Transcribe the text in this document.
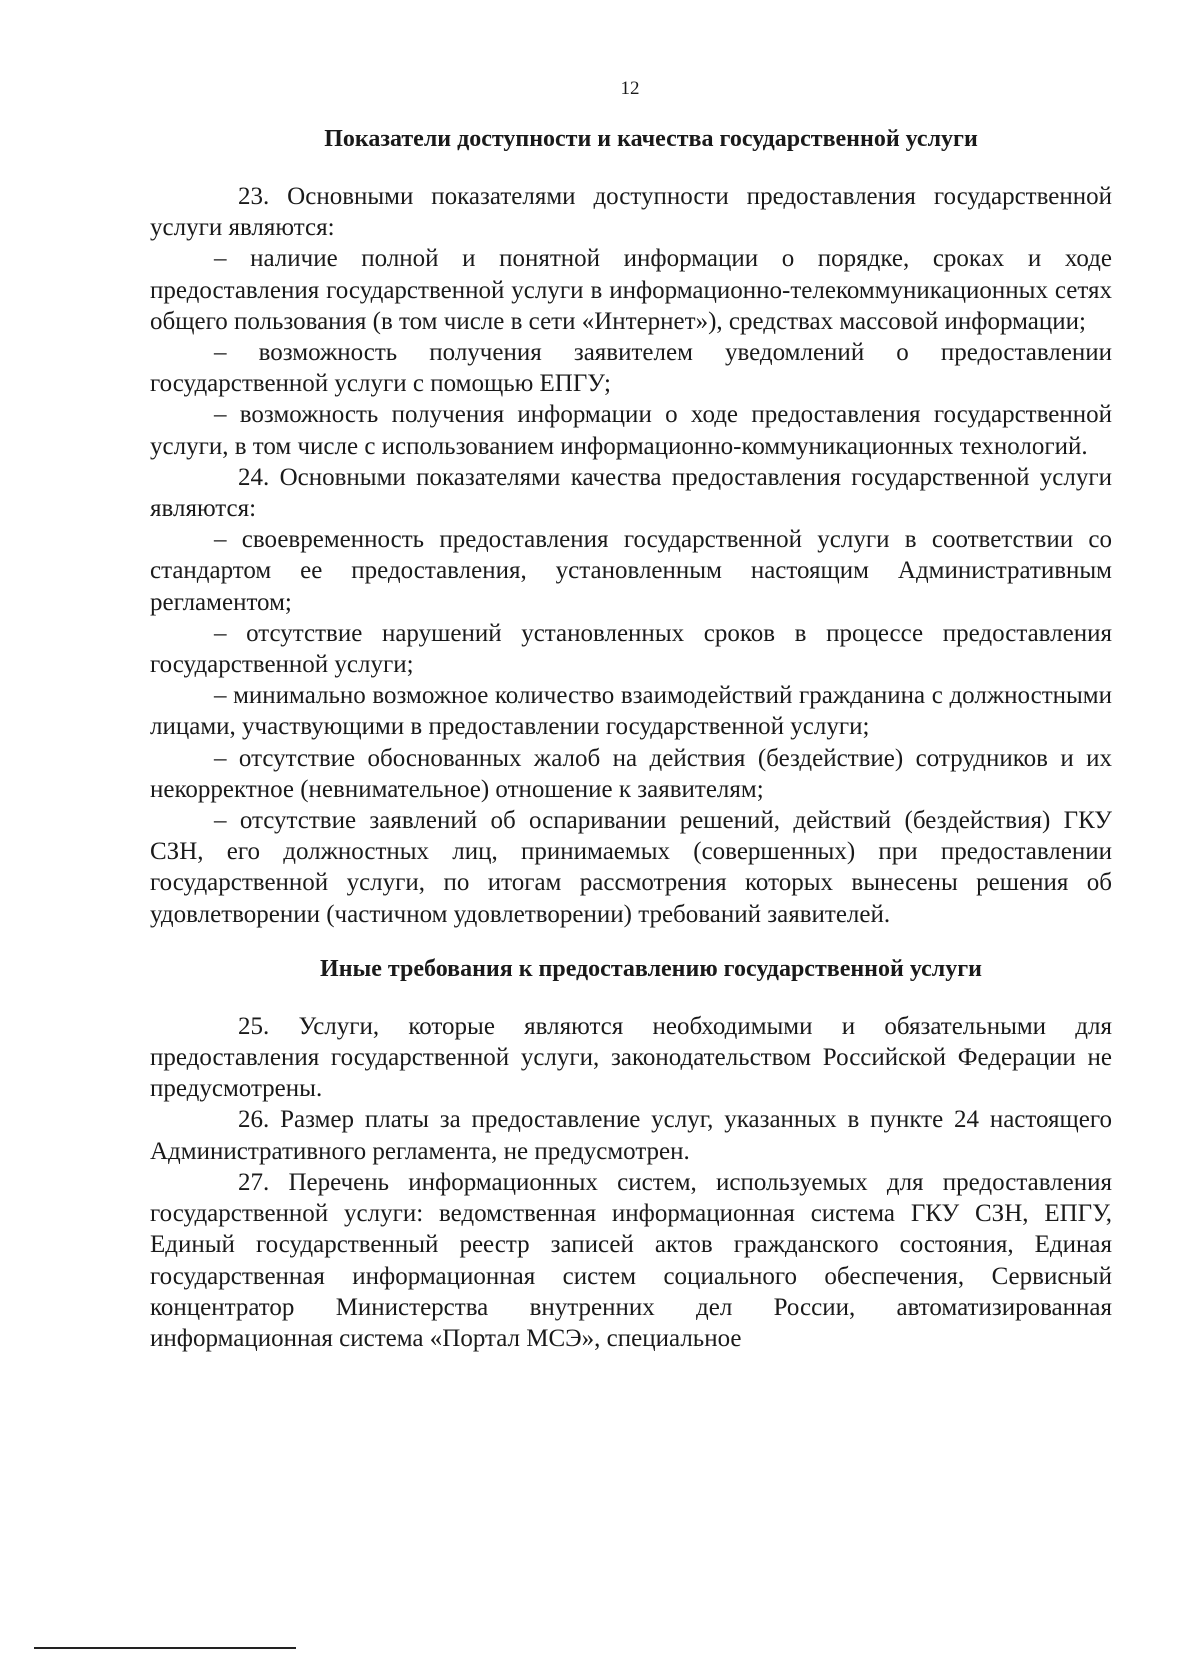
12
Показатели доступности и качества государственной услуги

23. Основными показателями доступности предоставления государственной услуги являются:

– наличие полной и понятной информации о порядке, сроках и ходе предоставления государственной услуги в информационно-телекоммуникационных сетях общего пользования (в том числе в сети «Интернет»), средствах массовой информации;

– возможность получения заявителем уведомлений о предоставлении государственной услуги с помощью ЕПГУ;

– возможность получения информации о ходе предоставления государственной услуги, в том числе с использованием информационно-коммуникационных технологий.

24. Основными показателями качества предоставления государственной услуги являются:

– своевременность предоставления государственной услуги в соответствии со стандартом ее предоставления, установленным настоящим Административным регламентом;

– отсутствие нарушений установленных сроков в процессе предоставления государственной услуги;

– минимально возможное количество взаимодействий гражданина с должностными лицами, участвующими в предоставлении государственной услуги;

– отсутствие обоснованных жалоб на действия (бездействие) сотрудников и их некорректное (невнимательное) отношение к заявителям;

– отсутствие заявлений об оспаривании решений, действий (бездействия) ГКУ СЗН, его должностных лиц, принимаемых (совершенных) при предоставлении государственной услуги, по итогам рассмотрения которых вынесены решения об удовлетворении (частичном удовлетворении) требований заявителей.

Иные требования к предоставлению государственной услуги

25. Услуги, которые являются необходимыми и обязательными для предоставления государственной услуги, законодательством Российской Федерации не предусмотрены.

26. Размер платы за предоставление услуг, указанных в пункте 24 настоящего Административного регламента, не предусмотрен.

27. Перечень информационных систем, используемых для предоставления государственной услуги: ведомственная информационная система ГКУ СЗН, ЕПГУ, Единый государственный реестр записей актов гражданского состояния, Единая государственная информационная систем социального обеспечения, Сервисный концентратор Министерства внутренних дел России, автоматизированная информационная система «Портал МСЭ», специальное
